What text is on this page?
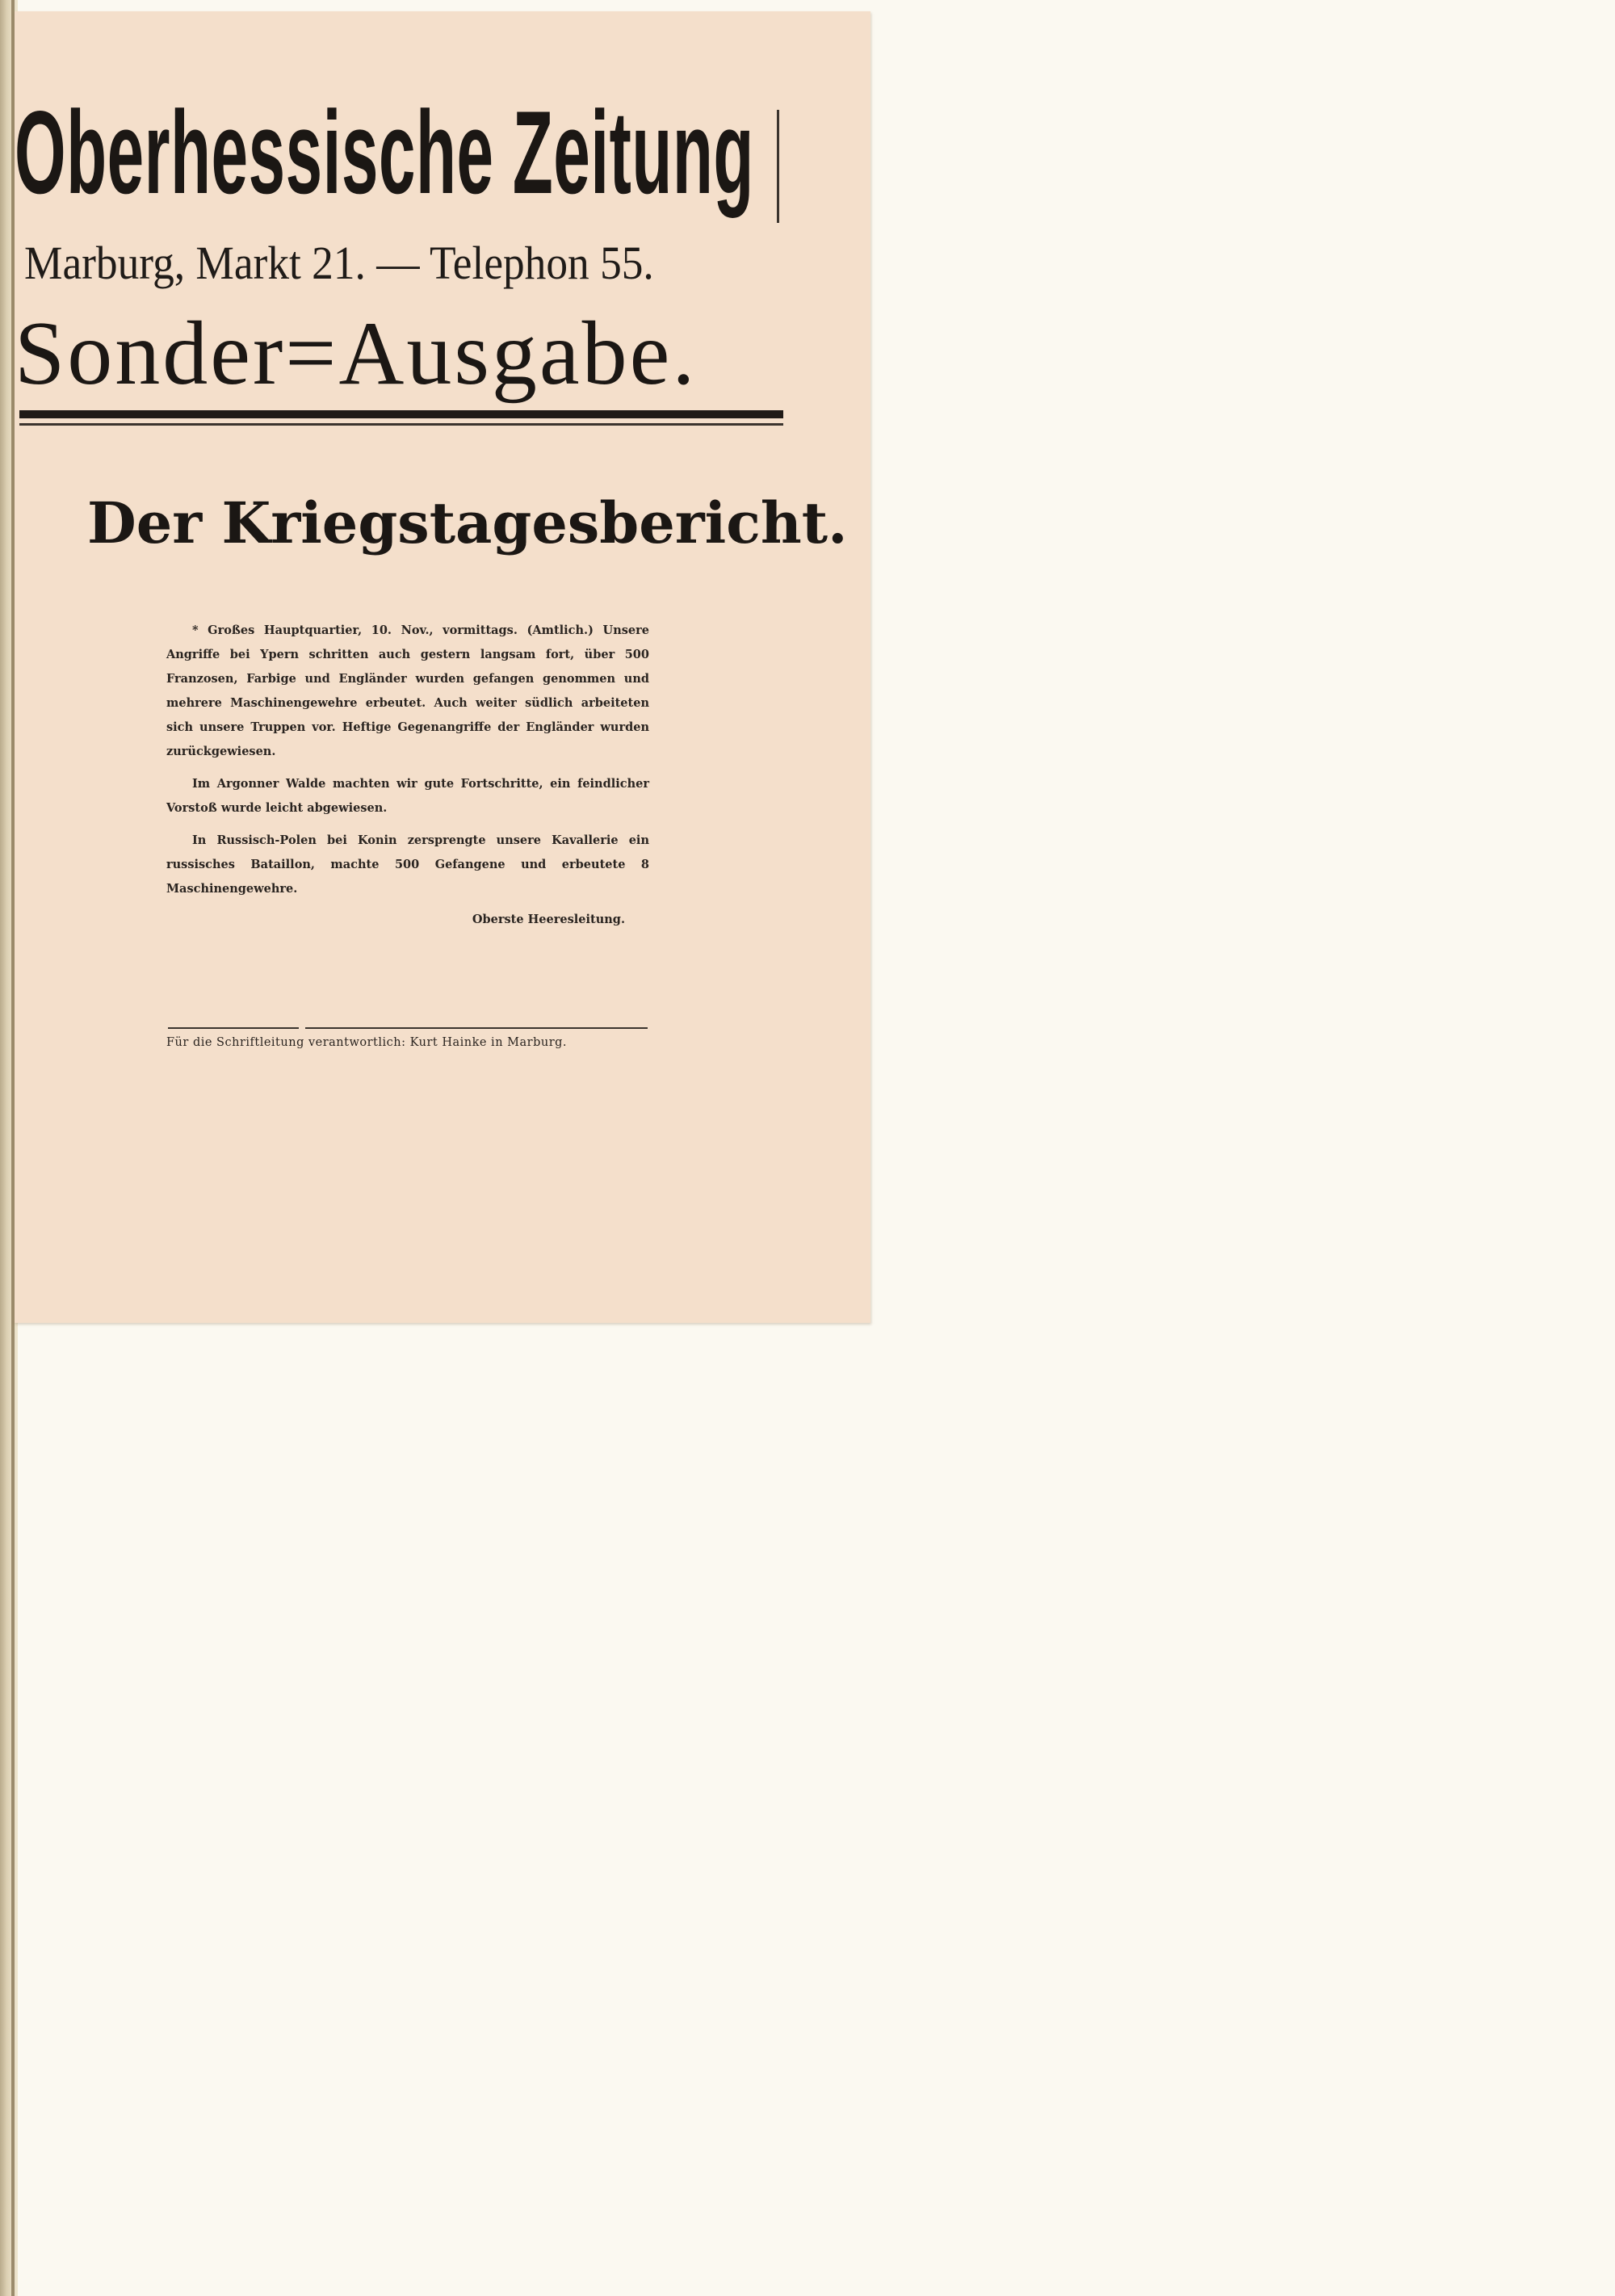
Oberhessische Zeitung
Marburg, Markt 21. — Telephon 55.
Sonder=Ausgabe.
Der Kriegstagesbericht.

* Großes Hauptquartier, 10. Nov., vormittags. (Amtlich.) Unsere Angriffe bei Ypern schritten auch gestern langsam fort, über 500 Franzosen, Farbige und Engländer wurden gefangen genommen und mehrere Maschinengewehre erbeutet. Auch weiter südlich arbeiteten sich unsere Truppen vor. Heftige Gegenangriffe der Engländer wurden zurückgewiesen.

Im Argonner Walde machten wir gute Fortschritte, ein feindlicher Vorstoß wurde leicht abgewiesen.

In Russisch-Polen bei Konin zersprengte unsere Kavallerie ein russisches Bataillon, machte 500 Gefangene und erbeutete 8 Maschinengewehre.

Oberste Heeresleitung.
Für die Schriftleitung verantwortlich: Kurt Hainke in Marburg.
